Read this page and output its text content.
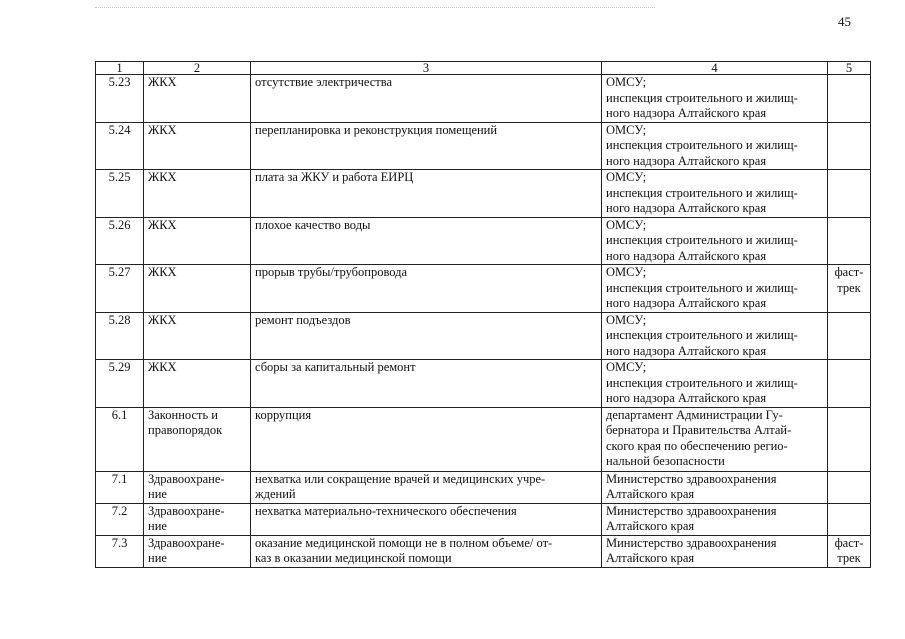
45
1	2	3	4	5
5.23	ЖКХ	отсутствие электричества	ОМСУ;
инспекция строительного и жилищ-
ного надзора Алтайского края	
5.24	ЖКХ	перепланировка и реконструкция помещений	ОМСУ;
инспекция строительного и жилищ-
ного надзора Алтайского края	
5.25	ЖКХ	плата за ЖКУ и работа ЕИРЦ	ОМСУ;
инспекция строительного и жилищ-
ного надзора Алтайского края	
5.26	ЖКХ	плохое качество воды	ОМСУ;
инспекция строительного и жилищ-
ного надзора Алтайского края	
5.27	ЖКХ	прорыв трубы/трубопровода	ОМСУ;
инспекция строительного и жилищ-
ного надзора Алтайского края	фаст-
трек
5.28	ЖКХ	ремонт подъездов	ОМСУ;
инспекция строительного и жилищ-
ного надзора Алтайского края	
5.29	ЖКХ	сборы за капитальный ремонт	ОМСУ;
инспекция строительного и жилищ-
ного надзора Алтайского края	
6.1	Законность и
правопорядок	коррупция	департамент Администрации Гу-
бернатора и Правительства Алтай-
ского края по обеспечению регио-
нальной безопасности	
7.1	Здравоохране-
ние	нехватка или сокращение врачей и медицинских учре-
ждений	Министерство здравоохранения
Алтайского края	
7.2	Здравоохране-
ние	нехватка материально-технического обеспечения	Министерство здравоохранения
Алтайского края	
7.3	Здравоохране-
ние	оказание медицинской помощи не в полном объеме/ от-
каз в оказании медицинской помощи	Министерство здравоохранения
Алтайского края	фаст-
трек
